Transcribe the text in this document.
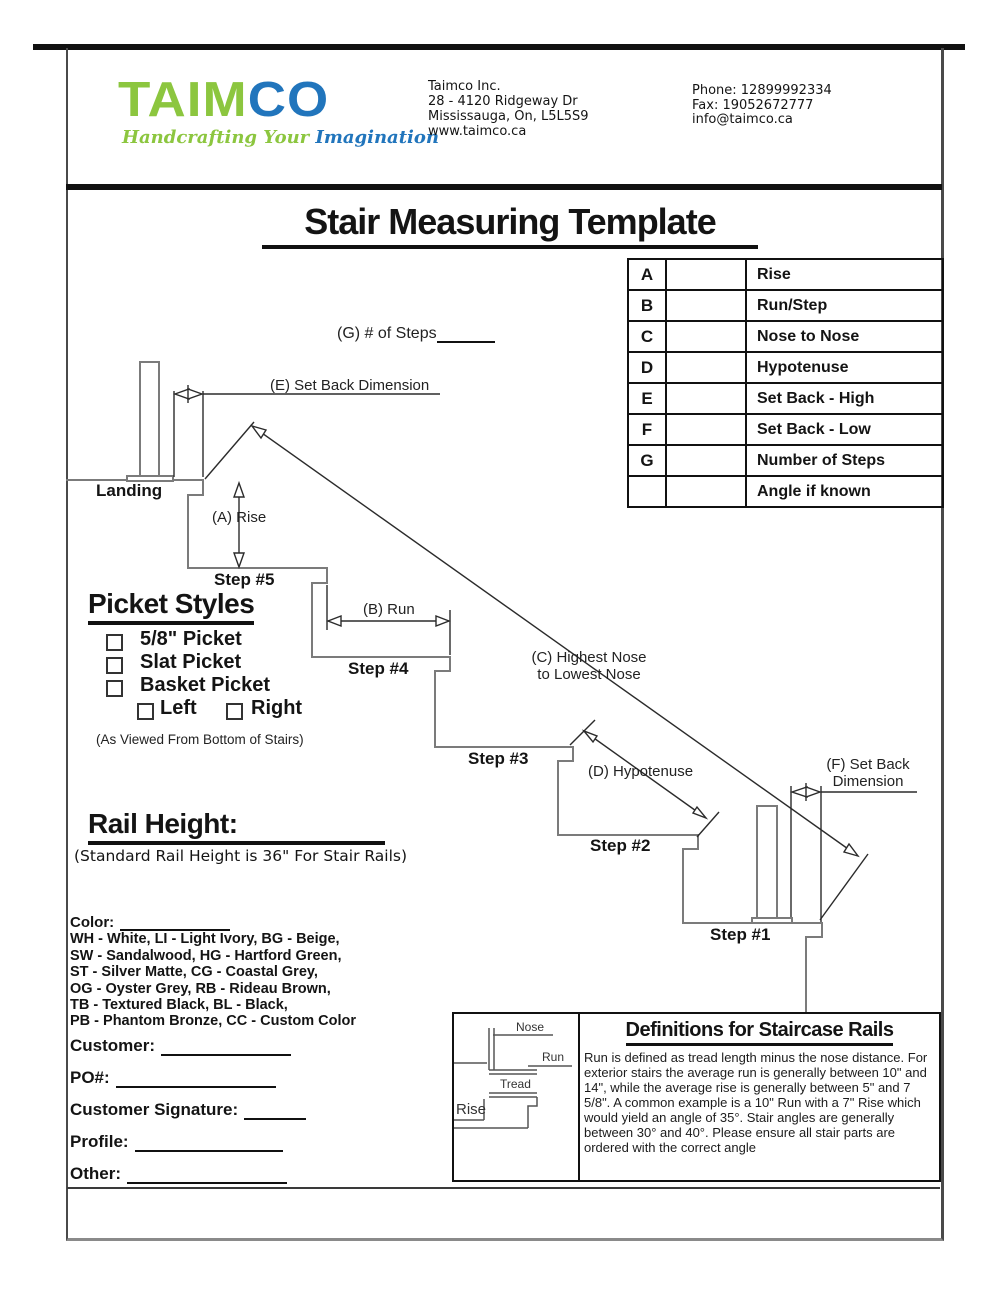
TAIMCO
Handcrafting Your Imagination
Taimco Inc.
28 - 4120 Ridgeway Dr
Mississauga, On, L5L5S9
www.taimco.ca
Phone: 12899992334
Fax: 19052672777
info@taimco.ca
Stair Measuring Template
A		Rise
B		Run/Step
C		Nose to Nose
D		Hypotenuse
E		Set Back - High
F		Set Back - Low
G		Number of Steps
		Angle if known
(G) # of Steps
(E) Set Back Dimension
(A) Rise
(B) Run
(C) Highest Nose
to Lowest Nose
(D) Hypotenuse	(F) Set Back
Dimension
Landing
Step #5
Step #4
Step #3
Step #2
Step #1
Picket Styles
5/8" Picket
Slat Picket
Basket Picket
Left	Right
(As Viewed From Bottom of Stairs)
Rail Height:
(Standard Rail Height is 36" For Stair Rails)
Color:
WH - White, LI - Light Ivory, BG - Beige,
SW - Sandalwood, HG - Hartford Green,
ST - Silver Matte, CG - Coastal Grey,
OG - Oyster Grey, RB - Rideau Brown,
TB - Textured Black, BL - Black,
PB - Phantom Bronze, CC - Custom Color
Customer:
PO#:
Customer Signature:
Profile:
Other:
Definitions for Staircase Rails
Run is defined as tread length minus the nose distance. For exterior stairs the average run is generally between 10" and 14", while the average rise is generally between 5" and 7 5/8". A common example is a 10" Run with a 7" Rise which would yield an angle of 35°. Stair angles are generally between 30° and 40°. Please ensure all stair parts are ordered with the correct angle
Nose
Run
Tread
Rise
